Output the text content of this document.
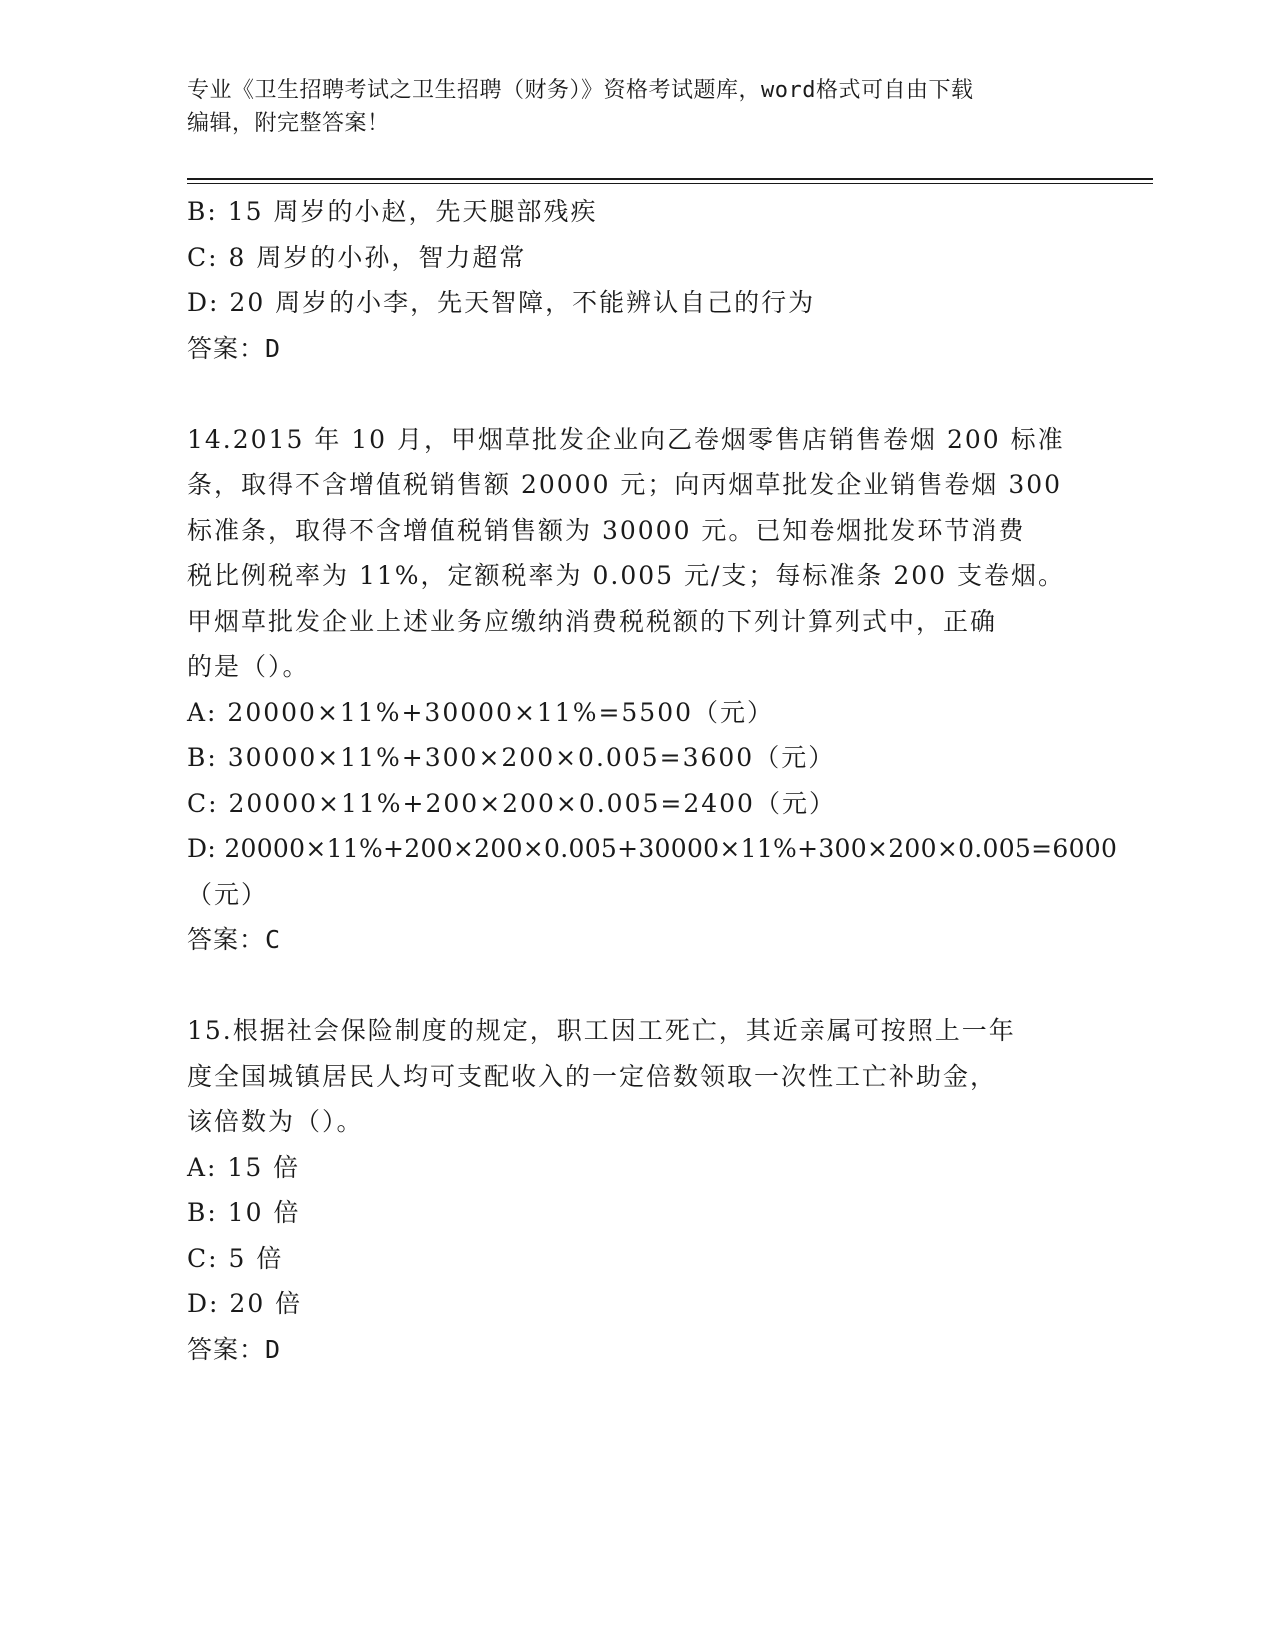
专业《卫生招聘考试之卫生招聘（财务）》资格考试题库，word格式可自由下载
编辑，附完整答案！
B: 15 周岁的小赵，先天腿部残疾
C: 8 周岁的小孙，智力超常
D: 20 周岁的小李，先天智障，不能辨认自己的行为
答案：D
14.2015 年 10 月，甲烟草批发企业向乙卷烟零售店销售卷烟 200 标准
条，取得不含增值税销售额 20000 元；向丙烟草批发企业销售卷烟 300
标准条，取得不含增值税销售额为 30000 元。已知卷烟批发环节消费
税比例税率为 11%，定额税率为 0.005 元/支；每标准条 200 支卷烟。
甲烟草批发企业上述业务应缴纳消费税税额的下列计算列式中，正确
的是（）。
A: 20000×11%+30000×11%=5500（元）
B: 30000×11%+300×200×0.005=3600（元）
C: 20000×11%+200×200×0.005=2400（元）
D: 20000×11%+200×200×0.005+30000×11%+300×200×0.005=6000
（元）
答案：C
15.根据社会保险制度的规定，职工因工死亡，其近亲属可按照上一年
度全国城镇居民人均可支配收入的一定倍数领取一次性工亡补助金，
该倍数为（）。
A: 15 倍
B: 10 倍
C: 5 倍
D: 20 倍
答案：D
